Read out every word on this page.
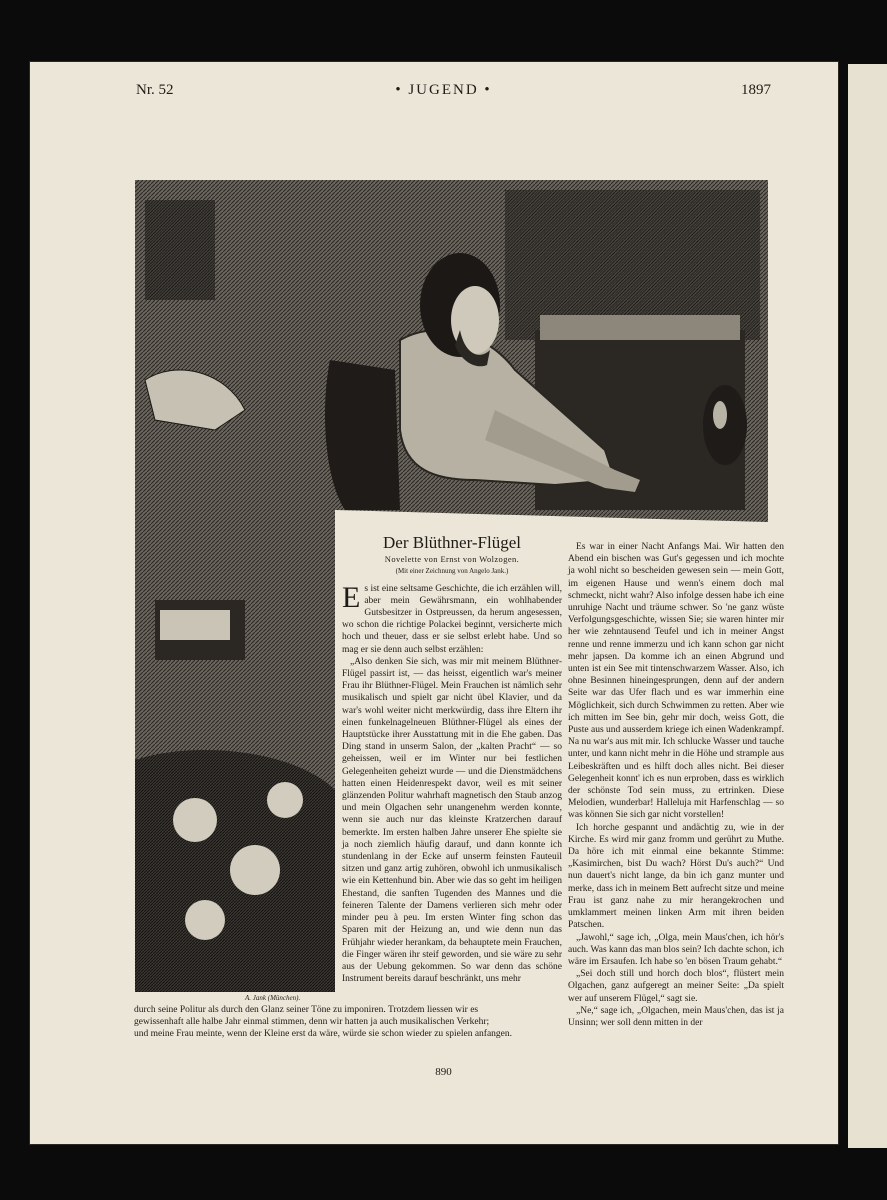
Nr. 52	• JUGEND •	1897
A. Jank (München).
Der Blüthner-Flügel
Novelette von Ernst von Wolzogen.
(Mit einer Zeichnung von Angelo Jank.)

Es ist eine seltsame Geschichte, die ich erzählen will, aber mein Gewährsmann, ein wohlhabender Gutsbesitzer in Ostpreussen, da herum angesessen, wo schon die richtige Polackei beginnt, versicherte mich hoch und theuer, dass er sie selbst erlebt habe. Und so mag er sie denn auch selbst erzählen:

„Also denken Sie sich, was mir mit meinem Blüthner-Flügel passirt ist, — das heisst, eigentlich war's meiner Frau ihr Blüthner-Flügel. Mein Frauchen ist nämlich sehr musikalisch und spielt gar nicht übel Klavier, und da war's wohl weiter nicht merkwürdig, dass ihre Eltern ihr einen funkelnagelneuen Blüthner-Flügel als eines der Hauptstücke ihrer Ausstattung mit in die Ehe gaben. Das Ding stand in unserm Salon, der „kalten Pracht“ — so geheissen, weil er im Winter nur bei festlichen Gelegenheiten geheizt wurde — und die Dienstmädchens hatten einen Heidenrespekt davor, weil es mit seiner glänzenden Politur wahrhaft magnetisch den Staub anzog und mein Olgachen sehr unangenehm werden konnte, wenn sie auch nur das kleinste Kratzerchen darauf bemerkte. Im ersten halben Jahre unserer Ehe spielte sie ja noch ziemlich häufig darauf, und dann konnte ich stundenlang in der Ecke auf unserm feinsten Fauteuil sitzen und ganz artig zuhören, obwohl ich unmusikalisch wie ein Kettenhund bin. Aber wie das so geht im heiligen Ehestand, die sanften Tugenden des Mannes und die feineren Talente der Damens verlieren sich mehr oder minder peu à peu. Im ersten Winter fing schon das Sparen mit der Heizung an, und wie denn nun das Frühjahr wieder herankam, da behauptete mein Frauchen, die Finger wären ihr steif geworden, und sie wäre zu sehr aus der Uebung gekommen. So war denn das schöne Instrument bereits darauf beschränkt, uns mehr

durch seine Politur als durch den Glanz seiner Töne zu imponiren. Trotzdem liessen wir es
gewissenhaft alle halbe Jahr einmal stimmen, denn wir hatten ja auch musikalischen Verkehr;
und meine Frau meinte, wenn der Kleine erst da wäre, würde sie schon wieder zu spielen anfangen.

Es war in einer Nacht Anfangs Mai. Wir hatten den Abend ein bischen was Gut's gegessen und ich mochte ja wohl nicht so bescheiden gewesen sein — mein Gott, im eigenen Hause und wenn's einem doch mal schmeckt, nicht wahr? Also infolge dessen habe ich eine unruhige Nacht und träume schwer. So 'ne ganz wüste Verfolgungsgeschichte, wissen Sie; sie waren hinter mir her wie zehntausend Teufel und ich in meiner Angst renne und renne immerzu und ich kann schon gar nicht mehr japsen. Da komme ich an einen Abgrund und unten ist ein See mit tintenschwarzem Wasser. Also, ich ohne Besinnen hineingesprungen, denn auf der andern Seite war das Ufer flach und es war immerhin eine Möglichkeit, sich durch Schwimmen zu retten. Aber wie ich mitten im See bin, gehr mir doch, weiss Gott, die Puste aus und ausserdem kriege ich einen Wadenkrampf. Na nu war's aus mit mir. Ich schlucke Wasser und tauche unter, und kann nicht mehr in die Höhe und strample aus Leibeskräften und es hilft doch alles nicht. Bei dieser Gelegenheit konnt' ich es nun erproben, dass es wirklich der schönste Tod sein muss, zu ertrinken. Diese Melodien, wunderbar! Halleluja mit Harfenschlag — so was können Sie sich gar nicht vorstellen!

Ich horche gespannt und andächtig zu, wie in der Kirche. Es wird mir ganz fromm und gerührt zu Muthe. Da höre ich mit einmal eine bekannte Stimme: „Kasimirchen, bist Du wach? Hörst Du's auch?“ Und nun dauert's nicht lange, da bin ich ganz munter und merke, dass ich in meinem Bett aufrecht sitze und meine Frau ist ganz nahe zu mir herangekrochen und umklammert meinen linken Arm mit ihren beiden Patschen.

„Jawohl,“ sage ich, „Olga, mein Maus'chen, ich hör's auch. Was kann das man blos sein? Ich dachte schon, ich wäre im Ersaufen. Ich habe so 'en bösen Traum gehabt.“

„Sei doch still und horch doch blos“, flüstert mein Olgachen, ganz aufgeregt an meiner Seite: „Da spielt wer auf unserem Flügel,“ sagt sie.

„Ne,“ sage ich, „Olgachen, mein Maus'chen, das ist ja Unsinn; wer soll denn mitten in der

890
